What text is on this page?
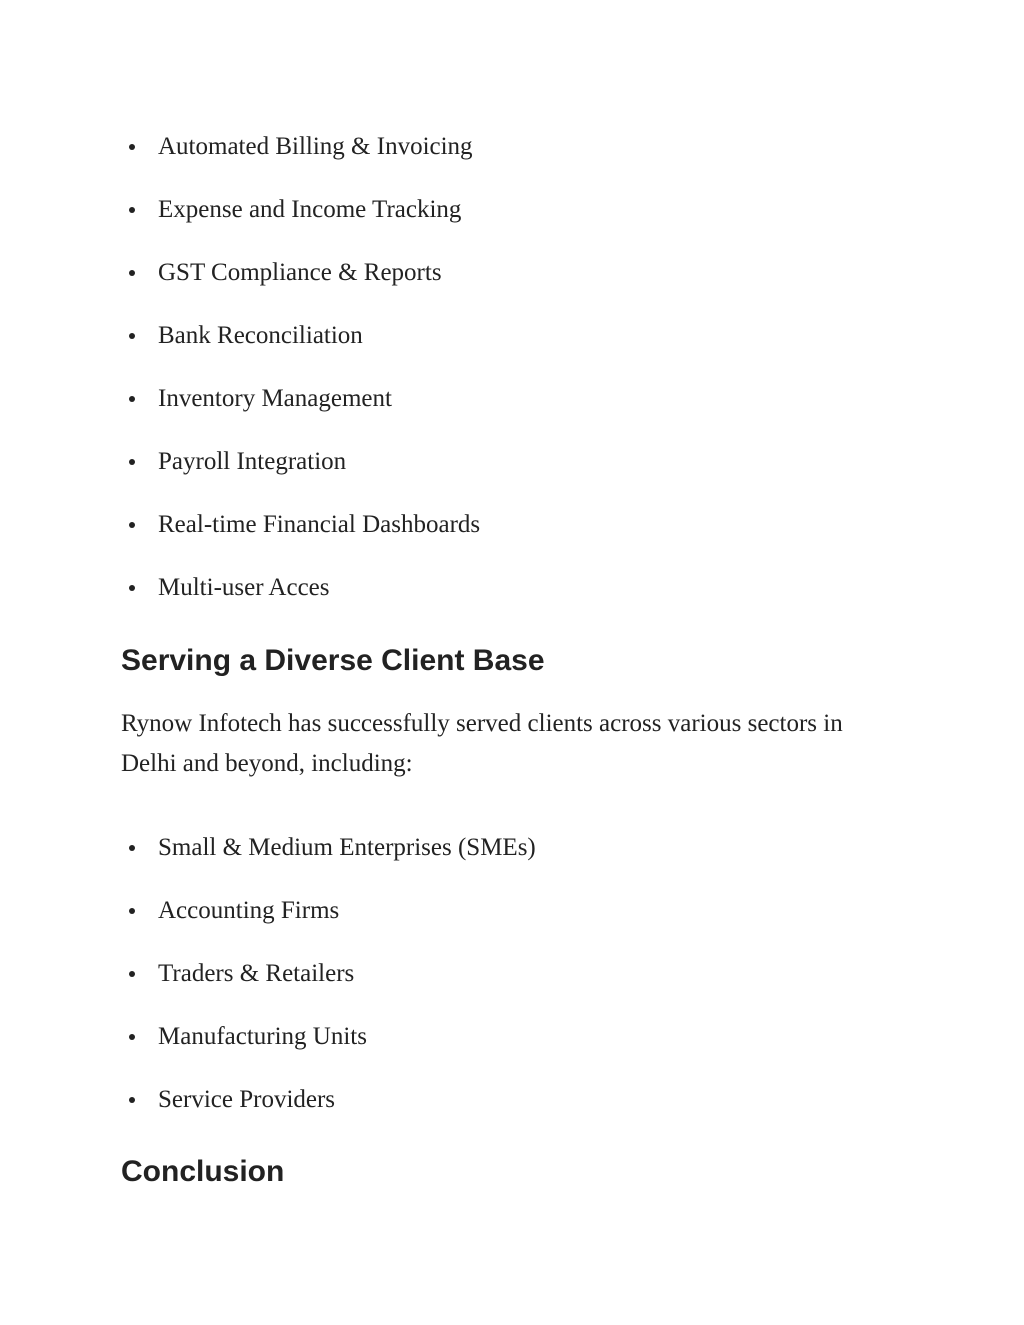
Automated Billing & Invoicing
Expense and Income Tracking
GST Compliance & Reports
Bank Reconciliation
Inventory Management
Payroll Integration
Real-time Financial Dashboards
Multi-user Acces
Serving a Diverse Client Base

Rynow Infotech has successfully served clients across various sectors in Delhi and beyond, including:

Small & Medium Enterprises (SMEs)
Accounting Firms
Traders & Retailers
Manufacturing Units
Service Providers
Conclusion
